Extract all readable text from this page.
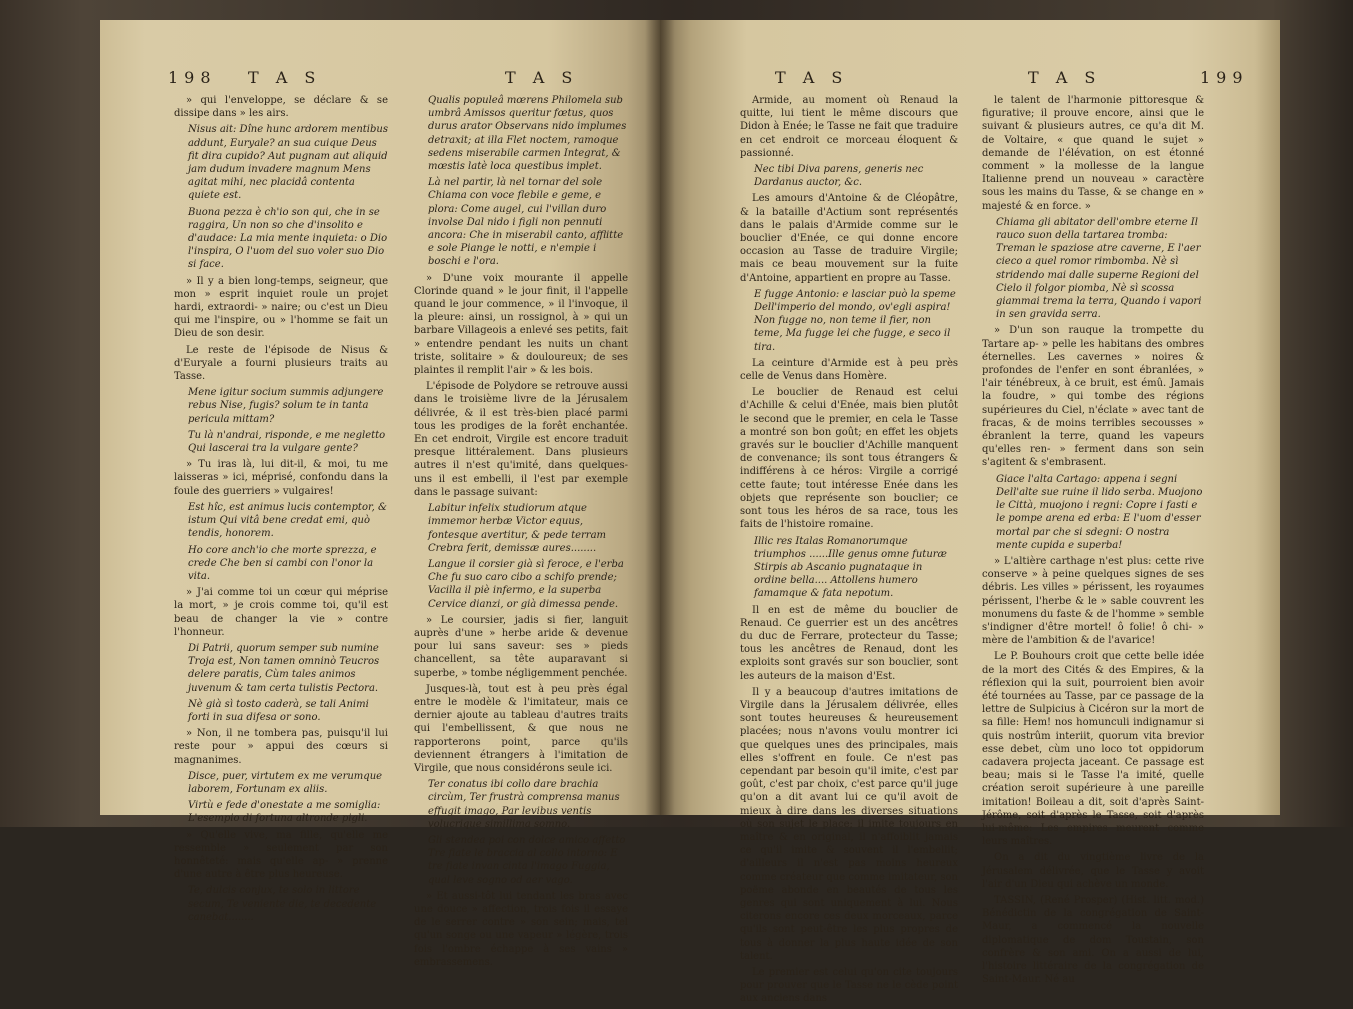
198 T A S	T A S

» qui l'enveloppe, se déclare & se dissipe dans » les airs.

Nisus ait: Dîne hunc ardorem mentibus addunt, Euryale? an sua cuique Deus fit dira cupido? Aut pugnam aut aliquid jam dudum invadere magnum Mens agitat mihi, nec placidâ contenta quiete est.

Buona pezza è ch'io son qui, che in se raggira, Un non so che d'insolito e d'audace: La mia mente inquieta: o Dio l'inspira, O l'uom del suo voler suo Dio si face.

» Il y a bien long-temps, seigneur, que mon » esprit inquiet roule un projet hardi, extraordi- » naire; ou c'est un Dieu qui me l'inspire, ou » l'homme se fait un Dieu de son desir.

Le reste de l'épisode de Nisus & d'Euryale a fourni plusieurs traits au Tasse.

Mene igitur socium summis adjungere rebus Nise, fugis? solum te in tanta pericula mittam?

Tu là n'andrai, risponde, e me negletto Qui lascerai tra la vulgare gente?

» Tu iras là, lui dit-il, & moi, tu me laisseras » ici, méprisé, confondu dans la foule des guerriers » vulgaires!

Est hîc, est animus lucis contemptor, & istum Qui vitâ bene credat emi, quò tendis, honorem.

Ho core anch'io che morte sprezza, e crede Che ben si cambi con l'onor la vita.

» J'ai comme toi un cœur qui méprise la mort, » je crois comme toi, qu'il est beau de changer la vie » contre l'honneur.

Di Patrii, quorum semper sub numine Troja est, Non tamen omninò Teucros delere paratis, Cùm tales animos juvenum & tam certa tulistis Pectora.

Nè già sì tosto caderà, se tali Animi forti in sua difesa or sono.

» Non, il ne tombera pas, puisqu'il lui reste pour » appui des cœurs si magnanimes.

Disce, puer, virtutem ex me verumque laborem, Fortunam ex aliis.

Virtù e fede d'onestate a me somiglia: L'esempio di fortuna altronde pigli.

» Qu'elle vive, ma fille, qu'elle me ressemble » seulement par son honnêteté: mais qu'elle ap- » prenne d'une autre à être plus heureuse.

Te, dulcis conjux, te solo in littore secum, Te veniente die, te decedente canebat........

Qualis populeâ mœrens Philomela sub umbrâ Amissos queritur fœtus, quos durus arator Observans nido implumes detraxit; at illa Flet noctem, ramoque sedens miserabile carmen Integrat, & mœstis latè loca questibus implet.

Là nel partir, là nel tornar del sole Chiama con voce flebile e geme, e plora: Come augel, cui l'villan duro involse Dal nido i figli non pennuti ancora: Che in miserabil canto, afflitte e sole Piange le notti, e n'empie i boschi e l'ora.

» D'une voix mourante il appelle Clorinde quand » le jour finit, il l'appelle quand le jour commence, » il l'invoque, il la pleure: ainsi, un rossignol, à » qui un barbare Villageois a enlevé ses petits, fait » entendre pendant les nuits un chant triste, solitaire » & douloureux; de ses plaintes il remplit l'air » & les bois.

L'épisode de Polydore se retrouve aussi dans le troisième livre de la Jérusalem délivrée, & il est très-bien placé parmi tous les prodiges de la forêt enchantée. En cet endroit, Virgile est encore traduit presque littéralement. Dans plusieurs autres il n'est qu'imité, dans quelques-uns il est embelli, il l'est par exemple dans le passage suivant:

Labitur infelix studiorum atque immemor herbæ Victor equus, fontesque avertitur, & pede terram Crebra ferit, demissæ aures........

Langue il corsier già sì feroce, e l'erba Che fu suo caro cibo a schifo prende; Vacilla il piè infermo, e la superba Cervice dianzi, or già dimessa pende.

» Le coursier, jadis si fier, languit auprès d'une » herbe aride & devenue pour lui sans saveur: ses » pieds chancellent, sa tête auparavant si superbe, » tombe négligemment penchée.

Jusques-là, tout est à peu près égal entre le modèle & l'imitateur, mais ce dernier ajoute au tableau d'autres traits qui l'embellissent, & que nous ne rapporterons point, parce qu'ils deviennent étrangers à l'imitation de Virgile, que nous considérons seule ici.

Ter conatus ibi collo dare brachia circùm, Ter frustrà comprensa manus effugit imago, Par levibus ventis volucrique simillima somno.

Gli stendea poi con dolce amico affetto Tre fiate le braccia al collo intorno: E tre fiate invan cinta l'imago Fuggia, qual leve sogno od aer vago.

» Et aussi-tôt lui tendant les bras avec une douce » affection, trois fois il essaye de le serrer contre » son sein; mais, tel qu'un songe ou une vapeur » légère, trois fois l'ombre échappe à ses vains » embrassemens.

T A S	T A S	199

Armide, au moment où Renaud la quitte, lui tient le même discours que Didon à Enée; le Tasse ne fait que traduire en cet endroit ce morceau éloquent & passionné.

Nec tibi Diva parens, generis nec Dardanus auctor, &c.

Les amours d'Antoine & de Cléopâtre, & la bataille d'Actium sont représentés dans le palais d'Armide comme sur le bouclier d'Enée, ce qui donne encore occasion au Tasse de traduire Virgile; mais ce beau mouvement sur la fuite d'Antoine, appartient en propre au Tasse.

E fugge Antonio: e lasciar può la speme Dell'imperio del mondo, ov'egli aspira! Non fugge no, non teme il fier, non teme, Ma fugge lei che fugge, e seco il tira.

La ceinture d'Armide est à peu près celle de Venus dans Homère.

Le bouclier de Renaud est celui d'Achille & celui d'Enée, mais bien plutôt le second que le premier, en cela le Tasse a montré son bon goût; en effet les objets gravés sur le bouclier d'Achille manquent de convenance; ils sont tous étrangers & indifférens à ce héros: Virgile a corrigé cette faute; tout intéresse Enée dans les objets que représente son bouclier; ce sont tous les héros de sa race, tous les faits de l'histoire romaine.

Illic res Italas Romanorumque triumphos ......Ille genus omne futuræ Stirpis ab Ascanio pugnataque in ordine bella.... Attollens humero famamque & fata nepotum.

Il en est de même du bouclier de Renaud. Ce guerrier est un des ancêtres du duc de Ferrare, protecteur du Tasse; tous les ancêtres de Renaud, dont les exploits sont gravés sur son bouclier, sont les auteurs de la maison d'Est.

Il y a beaucoup d'autres imitations de Virgile dans la Jérusalem délivrée, elles sont toutes heureuses & heureusement placées; nous n'avons voulu montrer ici que quelques unes des principales, mais elles s'offrent en foule. Ce n'est pas cependant par besoin qu'il imite, c'est par goût, c'est par choix, c'est parce qu'il juge qu'on a dit avant lui ce qu'il avoit de mieux à dire dans les diverses situations où son sujet le place; il imite toujours en maître & en original, il n'affoiblit jamais ce qu'il imite & souvent il l'embellit; d'ailleurs il n'est pas moins heureux comme créateur que comme imitateur, son poëme abonde en beautés de tous les genres qui sont uniquement à lui. Nous citerons encore ces deux morceaux, parce qu'ils sont peut-être les plus propres de tous à donner la plus haute idée de son talent.

Le premier est celui qu'on cite toujours pour prouver que le Tasse ne le cède point aux anciens dans

le talent de l'harmonie pittoresque & figurative; il prouve encore, ainsi que le suivant & plusieurs autres, ce qu'a dit M. de Voltaire, « que quand le sujet » demande de l'élévation, on est étonné comment » la mollesse de la langue Italienne prend un nouveau » caractère sous les mains du Tasse, & se change en » majesté & en force. »

Chiama gli abitator dell'ombre eterne Il rauco suon della tartarea tromba: Treman le spaziose atre caverne, E l'aer cieco a quel romor rimbomba. Nè sì stridendo mai dalle superne Regioni del Cielo il folgor piomba, Nè sì scossa giammai trema la terra, Quando i vapori in sen gravida serra.

» D'un son rauque la trompette du Tartare ap- » pelle les habitans des ombres éternelles. Les cavernes » noires & profondes de l'enfer en sont ébranlées, » l'air ténébreux, à ce bruit, est émû. Jamais la foudre, » qui tombe des régions supérieures du Ciel, n'éclate » avec tant de fracas, & de moins terribles secousses » ébranlent la terre, quand les vapeurs qu'elles ren- » ferment dans son sein s'agitent & s'embrasent.

Giace l'alta Cartago: appena i segni Dell'alte sue ruine il lido serba. Muojono le Città, muojono i regni: Copre i fasti e le pompe arena ed erba: E l'uom d'esser mortal par che si sdegni: O nostra mente cupida e superba!

» L'altière carthage n'est plus: cette rive conserve » à peine quelques signes de ses débris. Les villes » périssent, les royaumes périssent, l'herbe & le » sable couvrent les monumens du faste & de l'homme » semble s'indigner d'être mortel! ô folie! ô chi- » mère de l'ambition & de l'avarice!

Le P. Bouhours croit que cette belle idée de la mort des Cités & des Empires, & la réflexion qui la suit, pourroient bien avoir été tournées au Tasse, par ce passage de la lettre de Sulpicius à Cicéron sur la mort de sa fille: Hem! nos homunculi indignamur si quis nostrûm interiit, quorum vita brevior esse debet, cùm uno loco tot oppidorum cadavera projecta jaceant. Ce passage est beau; mais si le Tasse l'a imité, quelle création seroit supérieure à une pareille imitation! Boileau a dit, soit d'après Saint-Jérôme, soit d'après le Tasse, soit d'après lui-même: Les empires meurent comme leurs maîtres.

On a dit du vingtième livre de la Jérusalem délivrée, que le Tasse y avoit l'air d'un Dieu qui achève un monde.

TASSIN, (René Prosper) (Hist. litt. mod.) Bénédictin de la congrégation de Saint-Maur, a commencé la nouvelle diplomatique de dom Toustain, son confrère & son ami. On a aussi de lui, l'histoire littéraire de la congrégation de Saint-Maur. Né au
